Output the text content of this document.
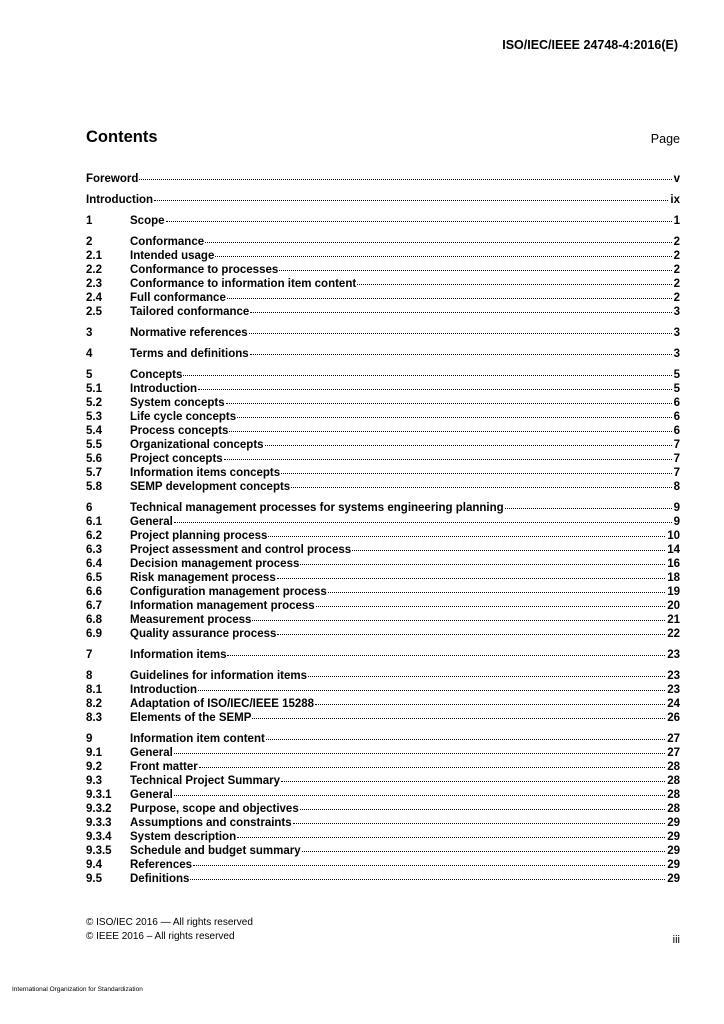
ISO/IEC/IEEE 24748-4:2016(E)
Contents	Page
Foreword	v
Introduction	ix
1	Scope	1
2	Conformance	2
2.1	Intended usage	2
2.2	Conformance to processes	2
2.3	Conformance to information item content	2
2.4	Full conformance	2
2.5	Tailored conformance	3
3	Normative references	3
4	Terms and definitions	3
5	Concepts	5
5.1	Introduction	5
5.2	System concepts	6
5.3	Life cycle concepts	6
5.4	Process concepts	6
5.5	Organizational concepts	7
5.6	Project concepts	7
5.7	Information items concepts	7
5.8	SEMP development concepts	8
6	Technical management processes for systems engineering planning	9
6.1	General	9
6.2	Project planning process	10
6.3	Project assessment and control process	14
6.4	Decision management process	16
6.5	Risk management process	18
6.6	Configuration management process	19
6.7	Information management process	20
6.8	Measurement process	21
6.9	Quality assurance process	22
7	Information items	23
8	Guidelines for information items	23
8.1	Introduction	23
8.2	Adaptation of ISO/IEC/IEEE 15288	24
8.3	Elements of the SEMP	26
9	Information item content	27
9.1	General	27
9.2	Front matter	28
9.3	Technical Project Summary	28
9.3.1	General	28
9.3.2	Purpose, scope and objectives	28
9.3.3	Assumptions and constraints	29
9.3.4	System description	29
9.3.5	Schedule and budget summary	29
9.4	References	29
9.5	Definitions	29
© ISO/IEC 2016 — All rights reserved
© IEEE 2016 – All rights reserved	iii
International Organization for Standardization
